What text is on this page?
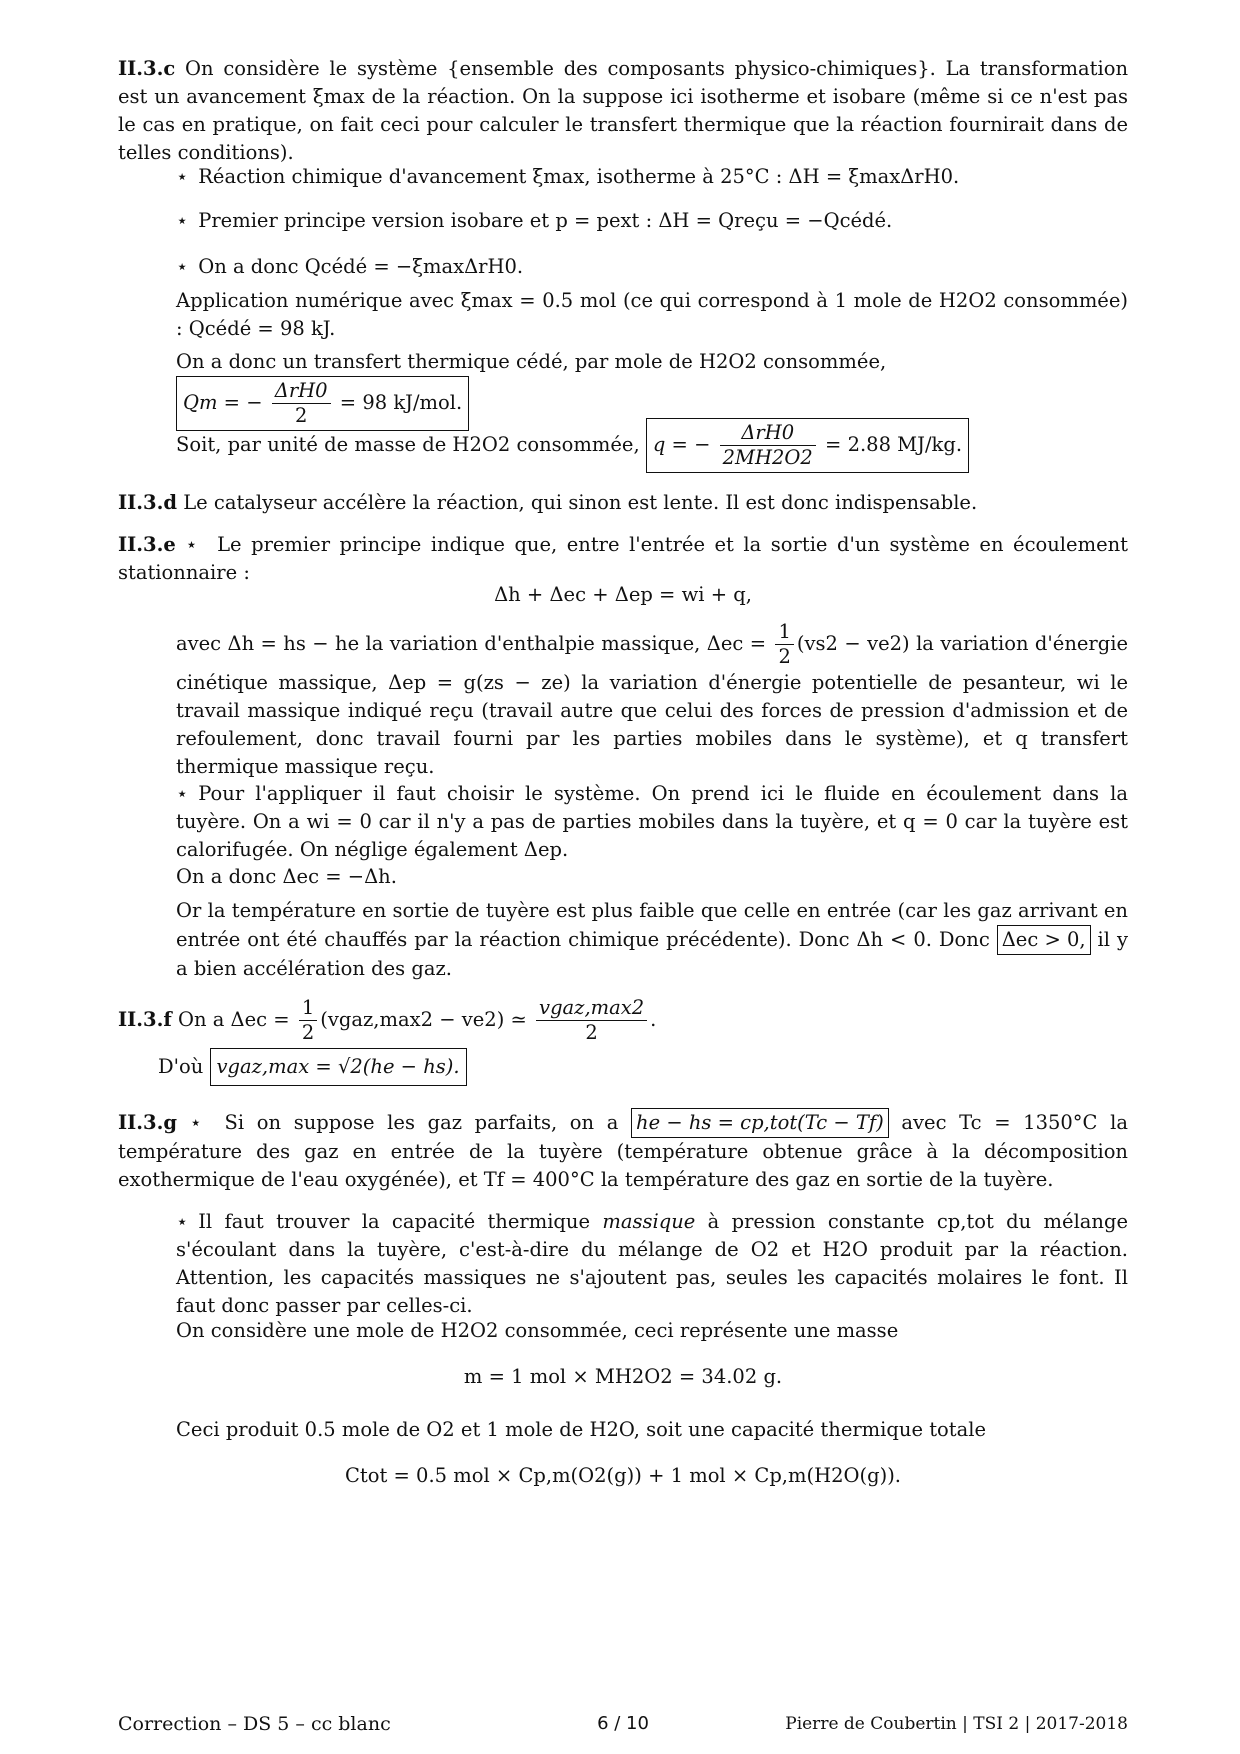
II.3.c On considère le système {ensemble des composants physico-chimiques}. La transformation est un avancement ξmax de la réaction. On la suppose ici isotherme et isobare (même si ce n'est pas le cas en pratique, on fait ceci pour calculer le transfert thermique que la réaction fournirait dans de telles conditions).
⋆ Réaction chimique d'avancement ξmax, isotherme à 25°C : ΔH = ξmaxΔrH0.
⋆ Premier principe version isobare et p = pext : ΔH = Qreçu = −Qcédé.
⋆ On a donc Qcédé = −ξmaxΔrH0.
Application numérique avec ξmax = 0.5 mol (ce qui correspond à 1 mole de H2O2 consommée) : Qcédé = 98 kJ.
On a donc un transfert thermique cédé, par mole de H2O2 consommée, Qm = − $\frac{\text{ΔrH0}}{2} = 98$ kJ/mol.
Soit, par unité de masse de H2O2 consommée, q = − $\frac{\text{ΔrH0}}{2MH2O2} = 2.88$ MJ/kg.
II.3.d Le catalyseur accélère la réaction, qui sinon est lente. Il est donc indispensable.
II.3.e ⋆ Le premier principe indique que, entre l'entrée et la sortie d'un système en écoulement stationnaire :
Δh + Δec + Δep = wi + q,
avec Δh = hs − he la variation d'enthalpie massique, $\Delta ec = \frac{1}{2} (vs2 - ve2)$ la variation d'énergie cinétique massique, Δep = g(zs − ze) la variation d'énergie potentielle de pesanteur, wi le travail massique indiqué reçu (travail autre que celui des forces de pression d'admission et de refoulement, donc travail fourni par les parties mobiles dans le système), et q transfert thermique massique reçu.
⋆ Pour l'appliquer il faut choisir le système. On prend ici le fluide en écoulement dans la tuyère. On a wi = 0 car il n'y a pas de parties mobiles dans la tuyère, et q = 0 car la tuyère est calorifugée. On néglige également Δep.
On a donc Δec = −Δh.
Or la température en sortie de tuyère est plus faible que celle en entrée (car les gaz arrivant en entrée ont été chauffés par la réaction chimique précédente). Donc Δh < 0. Donc Δec > 0, il y a bien accélération des gaz.
II.3.f On a $\Delta ec = \frac{1}{2}$ (vgaz,max2 − ve2) ≃ $\frac{\text{vgaz,max2}}{2}$ .
D'où vgaz,max = √2(he − hs).
II.3.g ⋆ Si on suppose les gaz parfaits, on a he − hs = cp,tot(Tc − Tf) avec Tc = 1350°C la température des gaz en entrée de la tuyère (température obtenue grâce à la décomposition exothermique de l'eau oxygénée), et Tf = 400°C la température des gaz en sortie de la tuyère.
⋆ Il faut trouver la capacité thermique massique à pression constante cp,tot du mélange s'écoulant dans la tuyère, c'est-à-dire du mélange de O2 et H2O produit par la réaction. Attention, les capacités massiques ne s'ajoutent pas, seules les capacités molaires le font. Il faut donc passer par celles-ci.
On considère une mole de H2O2 consommée, ceci représente une masse
m = 1 mol × MH2O2 = 34.02 g.
Ceci produit 0.5 mole de O2 et 1 mole de H2O, soit une capacité thermique totale
Ctot = 0.5 mol × Cp,m(O2(g)) + 1 mol × Cp,m(H2O(g)).
Correction – DS 5 – cc blanc	6 / 10	Pierre de Coubertin | TSI 2 | 2017-2018
